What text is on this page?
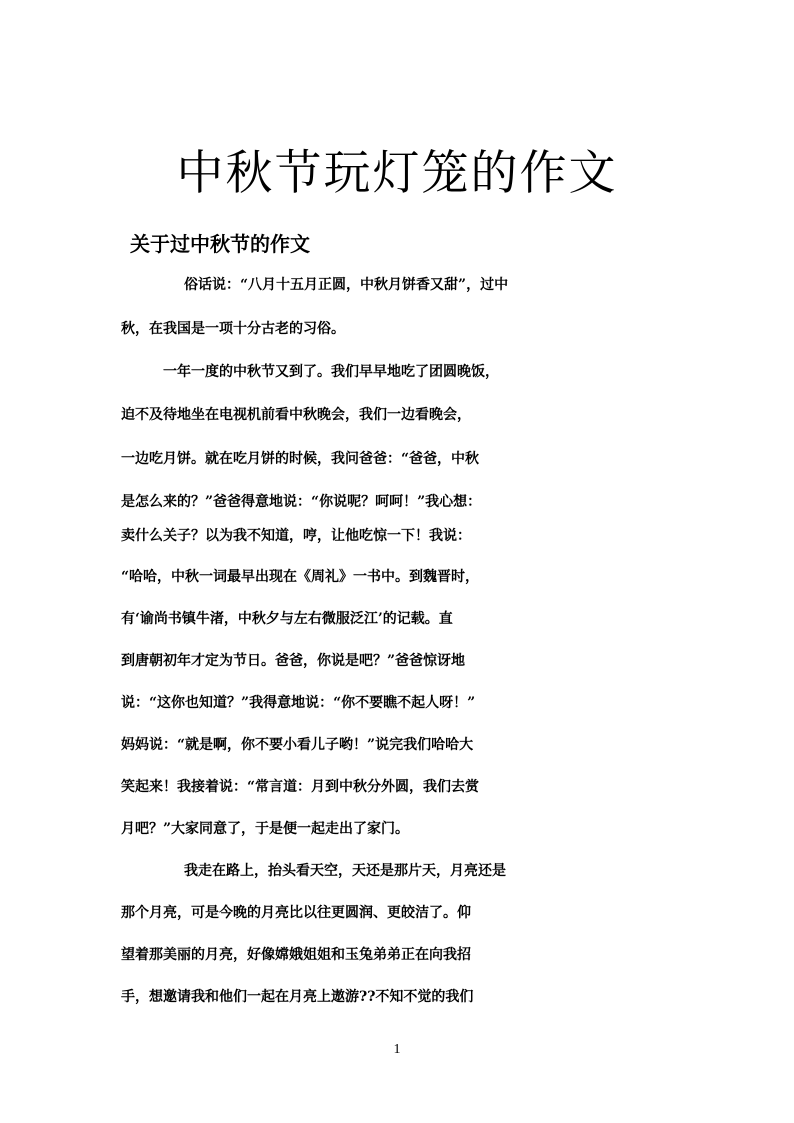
中秋节玩灯笼的作文
关于过中秋节的作文
俗话说：“八月十五月正圆，中秋月饼香又甜”，过中
秋，在我国是一项十分古老的习俗。
一年一度的中秋节又到了。我们早早地吃了团圆晚饭，
迫不及待地坐在电视机前看中秋晚会，我们一边看晚会，
一边吃月饼。就在吃月饼的时候，我问爸爸：“爸爸，中秋
是怎么来的？”爸爸得意地说：“你说呢？呵呵！”我心想：
卖什么关子？以为我不知道，哼，让他吃惊一下！我说：
“哈哈，中秋一词最早出现在《周礼》一书中。到魏晋时，
有‘谕尚书镇牛渚，中秋夕与左右微服泛江’的记载。直
到唐朝初年才定为节日。爸爸，你说是吧？”爸爸惊讶地
说：“这你也知道？”我得意地说：“你不要瞧不起人呀！”
妈妈说：“就是啊，你不要小看儿子哟！”说完我们哈哈大
笑起来！我接着说：“常言道：月到中秋分外圆，我们去赏
月吧？”大家同意了，于是便一起走出了家门。
我走在路上，抬头看天空，天还是那片天，月亮还是
那个月亮，可是今晚的月亮比以往更圆润、更皎洁了。仰
望着那美丽的月亮，好像嫦娥姐姐和玉兔弟弟正在向我招
手，想邀请我和他们一起在月亮上遨游??不知不觉的我们
1
